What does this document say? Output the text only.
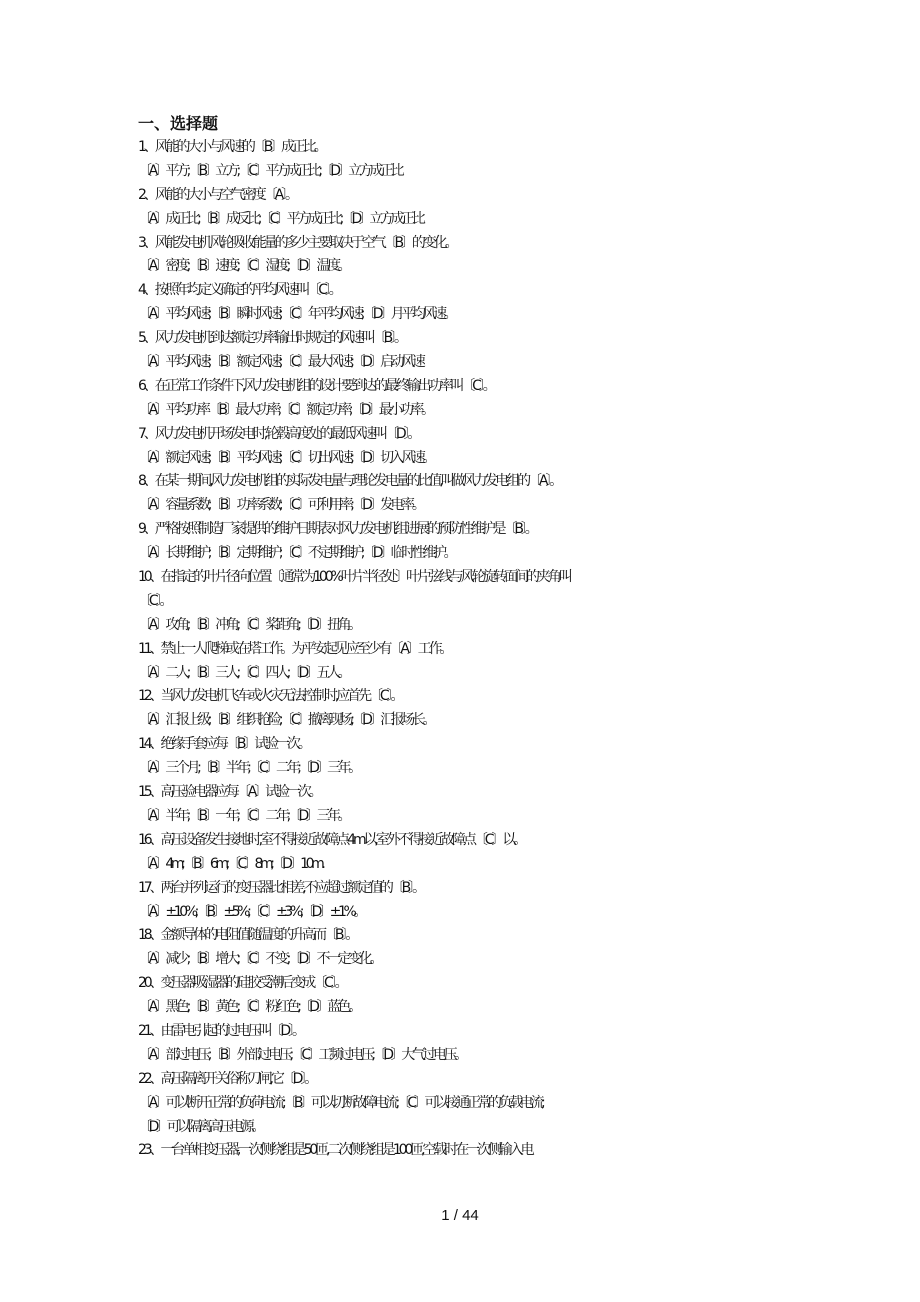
一、选择题
1、风能的大小与风速的〔B〕成正比。
〔A〕平方;〔B〕立方;〔C〕平方成正比;〔D〕立方成正比
2、风能的大小与空气密度〔A〕。
〔A〕成正比;〔B〕成反比;〔C〕平方成正比;〔D〕立方成正比
3、风能发电机风轮吸收能量的多少主要取决于空气〔B〕的变化。
〔A〕密度;〔B〕速度;〔C〕湿度;〔D〕温度。
4、按照年均定义确定的平均风速叫〔C〕。
〔A〕平均风速;〔B〕瞬时风速;〔C〕年平均风速;〔D〕月平均风速。
5、风力发电机到达额定功率输出时规定的风速叫〔B〕。
〔A〕平均风速;〔B〕额定风速;〔C〕最大风速;〔D〕启动风速
6、在正常工作条件下,风力发电机组的设计要到达的最终输出功率叫〔C〕。
〔A〕平均功率〔B〕最大功率;〔C〕额定功率;〔D〕最小功率。
7、风力发电机开场发电时,轮毂高度处的最低风速叫〔D〕。
〔A〕额定风速;〔B〕平均风速;〔C〕切出风速;〔D〕切入风速。
8、在某一期间,风力发电机组的实际发电量与理论发电量的比值,叫做风力发电组的〔A〕。
〔A〕容量系数;〔B〕功率系数;〔C〕可利用率;〔D〕发电率。
9、严格按照制造厂家提供的维护日期表对风力发电机组进展的预防性维护是〔B〕。
〔A〕长期维护;〔B〕定期维护;〔C〕不定期维护;〔D〕临时性维护。
10、在指定的叶片径向位置〔通常为100%叶片半径处〕叶片弦线与风轮旋转面间的夹角叫
〔C〕。
〔A〕攻角;〔B〕冲角;〔C〕桨距角;〔D〕扭角。
11、禁止一人爬梯或在塔工作。为平安起见应至少有〔A〕工作。
〔A〕二人;〔B〕三人;〔C〕四人;〔D〕五人。
12、当风力发电机飞车或火灾无法控制时,应首先〔C〕。
〔A〕汇报上级;〔B〕组织抢险;〔C〕撤离现场;〔D〕汇报场长。
14、绝缘手套应每〔B〕试验一次。
〔A〕三个月;〔B〕半年;〔C〕二年;〔D〕三年。
15、高压验电器应每〔A〕试验一次。
〔A〕半年;〔B〕一年;〔C〕二年;〔D〕三年。
16、高压设备发生接地时,室不得接近故障点4m以,室外不得接近故障点〔C〕以。
〔A〕4m;〔B〕6m;〔C〕8m;〔D〕10m.
17、两台并列运行的变压器比相差,不应超过额定值的〔B〕。
〔A〕±10%;〔B〕±5%;〔C〕±3%;〔D〕±1%。
18、金额导体的电阻值随温度的升高而〔B〕。
〔A〕减少;〔B〕增大;〔C〕不变;〔D〕不一定变化。
20、变压器吸湿器的硅胶受潮后变成〔C〕。
〔A〕黑色;〔B〕黄色;〔C〕粉红色;〔D〕蓝色。
21、由雷电引起的过电压叫〔D〕。
〔A〕部过电压;〔B〕外部过电压;〔C〕工频过电压;〔D〕大气过电压。
22、高压隔离开关俗称刀闸,它〔D〕。
〔A〕可以断开正常的负荷电流;〔B〕可以切断故障电流;〔C〕可以接通正常的负载电流;
〔D〕可以隔离高压电源。
23、一台单相变压器,一次侧绕组是50匝,二次侧绕组是100匝,空载时在一次侧输入电
1 / 44
